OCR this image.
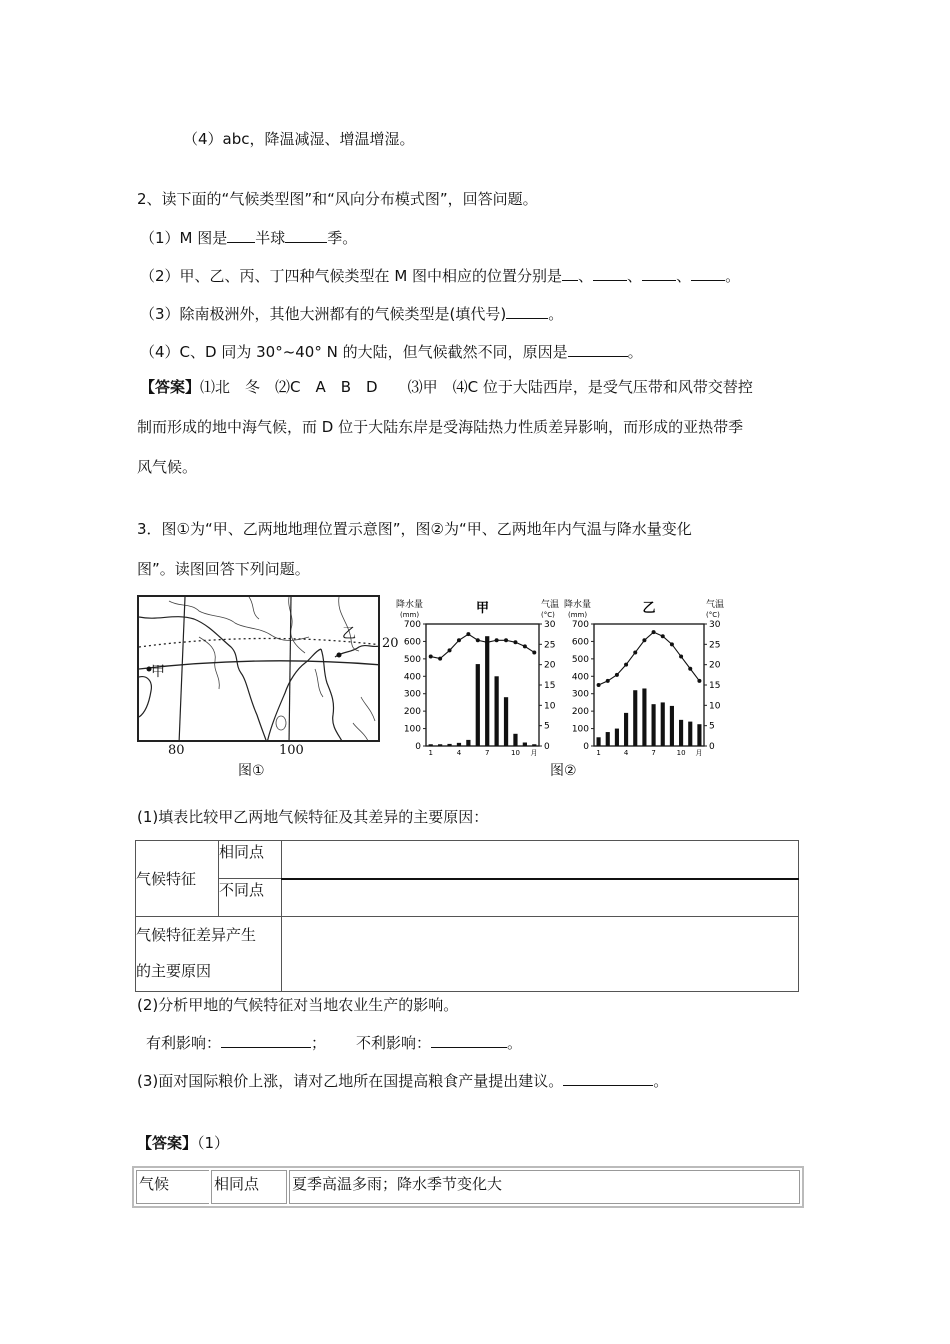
（4）abc，降温减湿、增温增湿。
2、读下面的“气候类型图”和“风向分布模式图”，回答问题。
（1）M 图是 半球	季。
（2）甲、乙、丙、丁四种气候类型在 M 图中相应的位置分别是 、 、 、 。
（3）除南极洲外，其他大洲都有的气候类型是(填代号)	。
（4）C、D 同为 30°~40° N 的大陆，但气候截然不同，原因是	。
【答案】⑴北　冬　⑵C　A　B　D　　⑶甲　⑷C 位于大陆西岸，是受气压带和风带交替控
制而形成的地中海气候，而 D 位于大陆东岸是受海陆热力性质差异影响，而形成的亚热带季
风气候。
3．图①为“甲、乙两地地理位置示意图”，图②为“甲、乙两地年内气温与降水量变化
图”。读图回答下列问题。
甲
乙
20
80	100
图①
降水量
(mm)
气温
(°C)
甲
0
100
200
300
400
500
600
700
0
5
10
15
20
25
30
1	4	7	10 月
降水量
(mm)
气温
(°C)
乙
0
100
200
300
400
500
600
700
0
5
10
15
20
25
30
1	4	7	10 月
图②
(1)填表比较甲乙两地气候特征及其差异的主要原因：
气候特征	相同点	
	不同点	
气候特征差异产生
的主要原因		
(2)分析甲地的气候特征对当地农业生产的影响。
有利影响：	； 不利影响：	。
(3)面对国际粮价上涨，请对乙地所在国提高粮食产量提出建议。	。
【答案】（1）
气候	相同点	夏季高温多雨；降水季节变化大
